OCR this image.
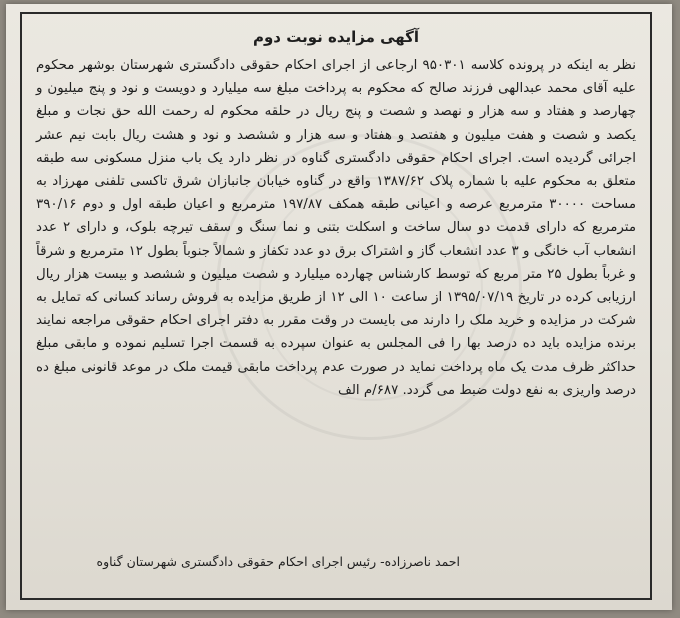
آگهی مزایده نوبت دوم

نظر به اینکه در پرونده کلاسه ۹۵۰۳۰۱ ارجاعی از اجرای احکام حقوقی دادگستری شهرستان بوشهر محکوم علیه آقای محمد عبدالهی فرزند صالح که محکوم به پرداخت مبلغ سه میلیارد و دویست و نود و پنج میلیون و چهارصد و هفتاد و سه هزار و نهصد و شصت و پنج ریال در حلقه محکوم له رحمت الله حق نجات و مبلغ یکصد و شصت و هفت میلیون و هفتصد و هفتاد و سه هزار و ششصد و نود و هشت ریال بابت نیم عشر اجرائی گردیده است. اجرای احکام حقوقی دادگستری گناوه در نظر دارد یک باب منزل مسکونی سه طبقه متعلق به محکوم علیه با شماره پلاک ۱۳۸۷/۶۲ واقع در گناوه خیابان جانبازان شرق تاکسی تلفنی مهرزاد به مساحت ۳۰۰۰۰ مترمربع عرصه و اعیانی طبقه همکف ۱۹۷/۸۷ مترمربع و اعیان طبقه اول و دوم ۳۹۰/۱۶ مترمربع که دارای قدمت دو سال ساخت و اسکلت بتنی و نما سنگ و سقف تیرچه بلوک، و دارای ۲ عدد انشعاب آب خانگی و ۳ عدد انشعاب گاز و اشتراک برق دو عدد تکفاز و شمالاً جنوباً بطول ۱۲ مترمربع و شرقاً و غرباً بطول ۲۵ متر مربع که توسط کارشناس چهارده میلیارد و شصت میلیون و ششصد و بیست هزار ریال ارزیابی کرده در تاریخ ۱۳۹۵/۰۷/۱۹ از ساعت ۱۰ الی ۱۲ از طریق مزایده به فروش رساند کسانی که تمایل به شرکت در مزایده و خرید ملک را دارند می بایست در وقت مقرر به دفتر اجرای احکام حقوقی مراجعه نمایند برنده مزایده باید ده درصد بها را فی المجلس به عنوان سپرده به قسمت اجرا تسلیم نموده و مابقی مبلغ حداکثر ظرف مدت یک ماه پرداخت نماید در صورت عدم پرداخت مابقی قیمت ملک در موعد قانونی مبلغ ده درصد واریزی به نفع دولت ضبط می گردد. ۶۸۷/م الف

احمد ناصرزاده- رئیس اجرای احکام حقوقی دادگستری شهرستان گناوه
